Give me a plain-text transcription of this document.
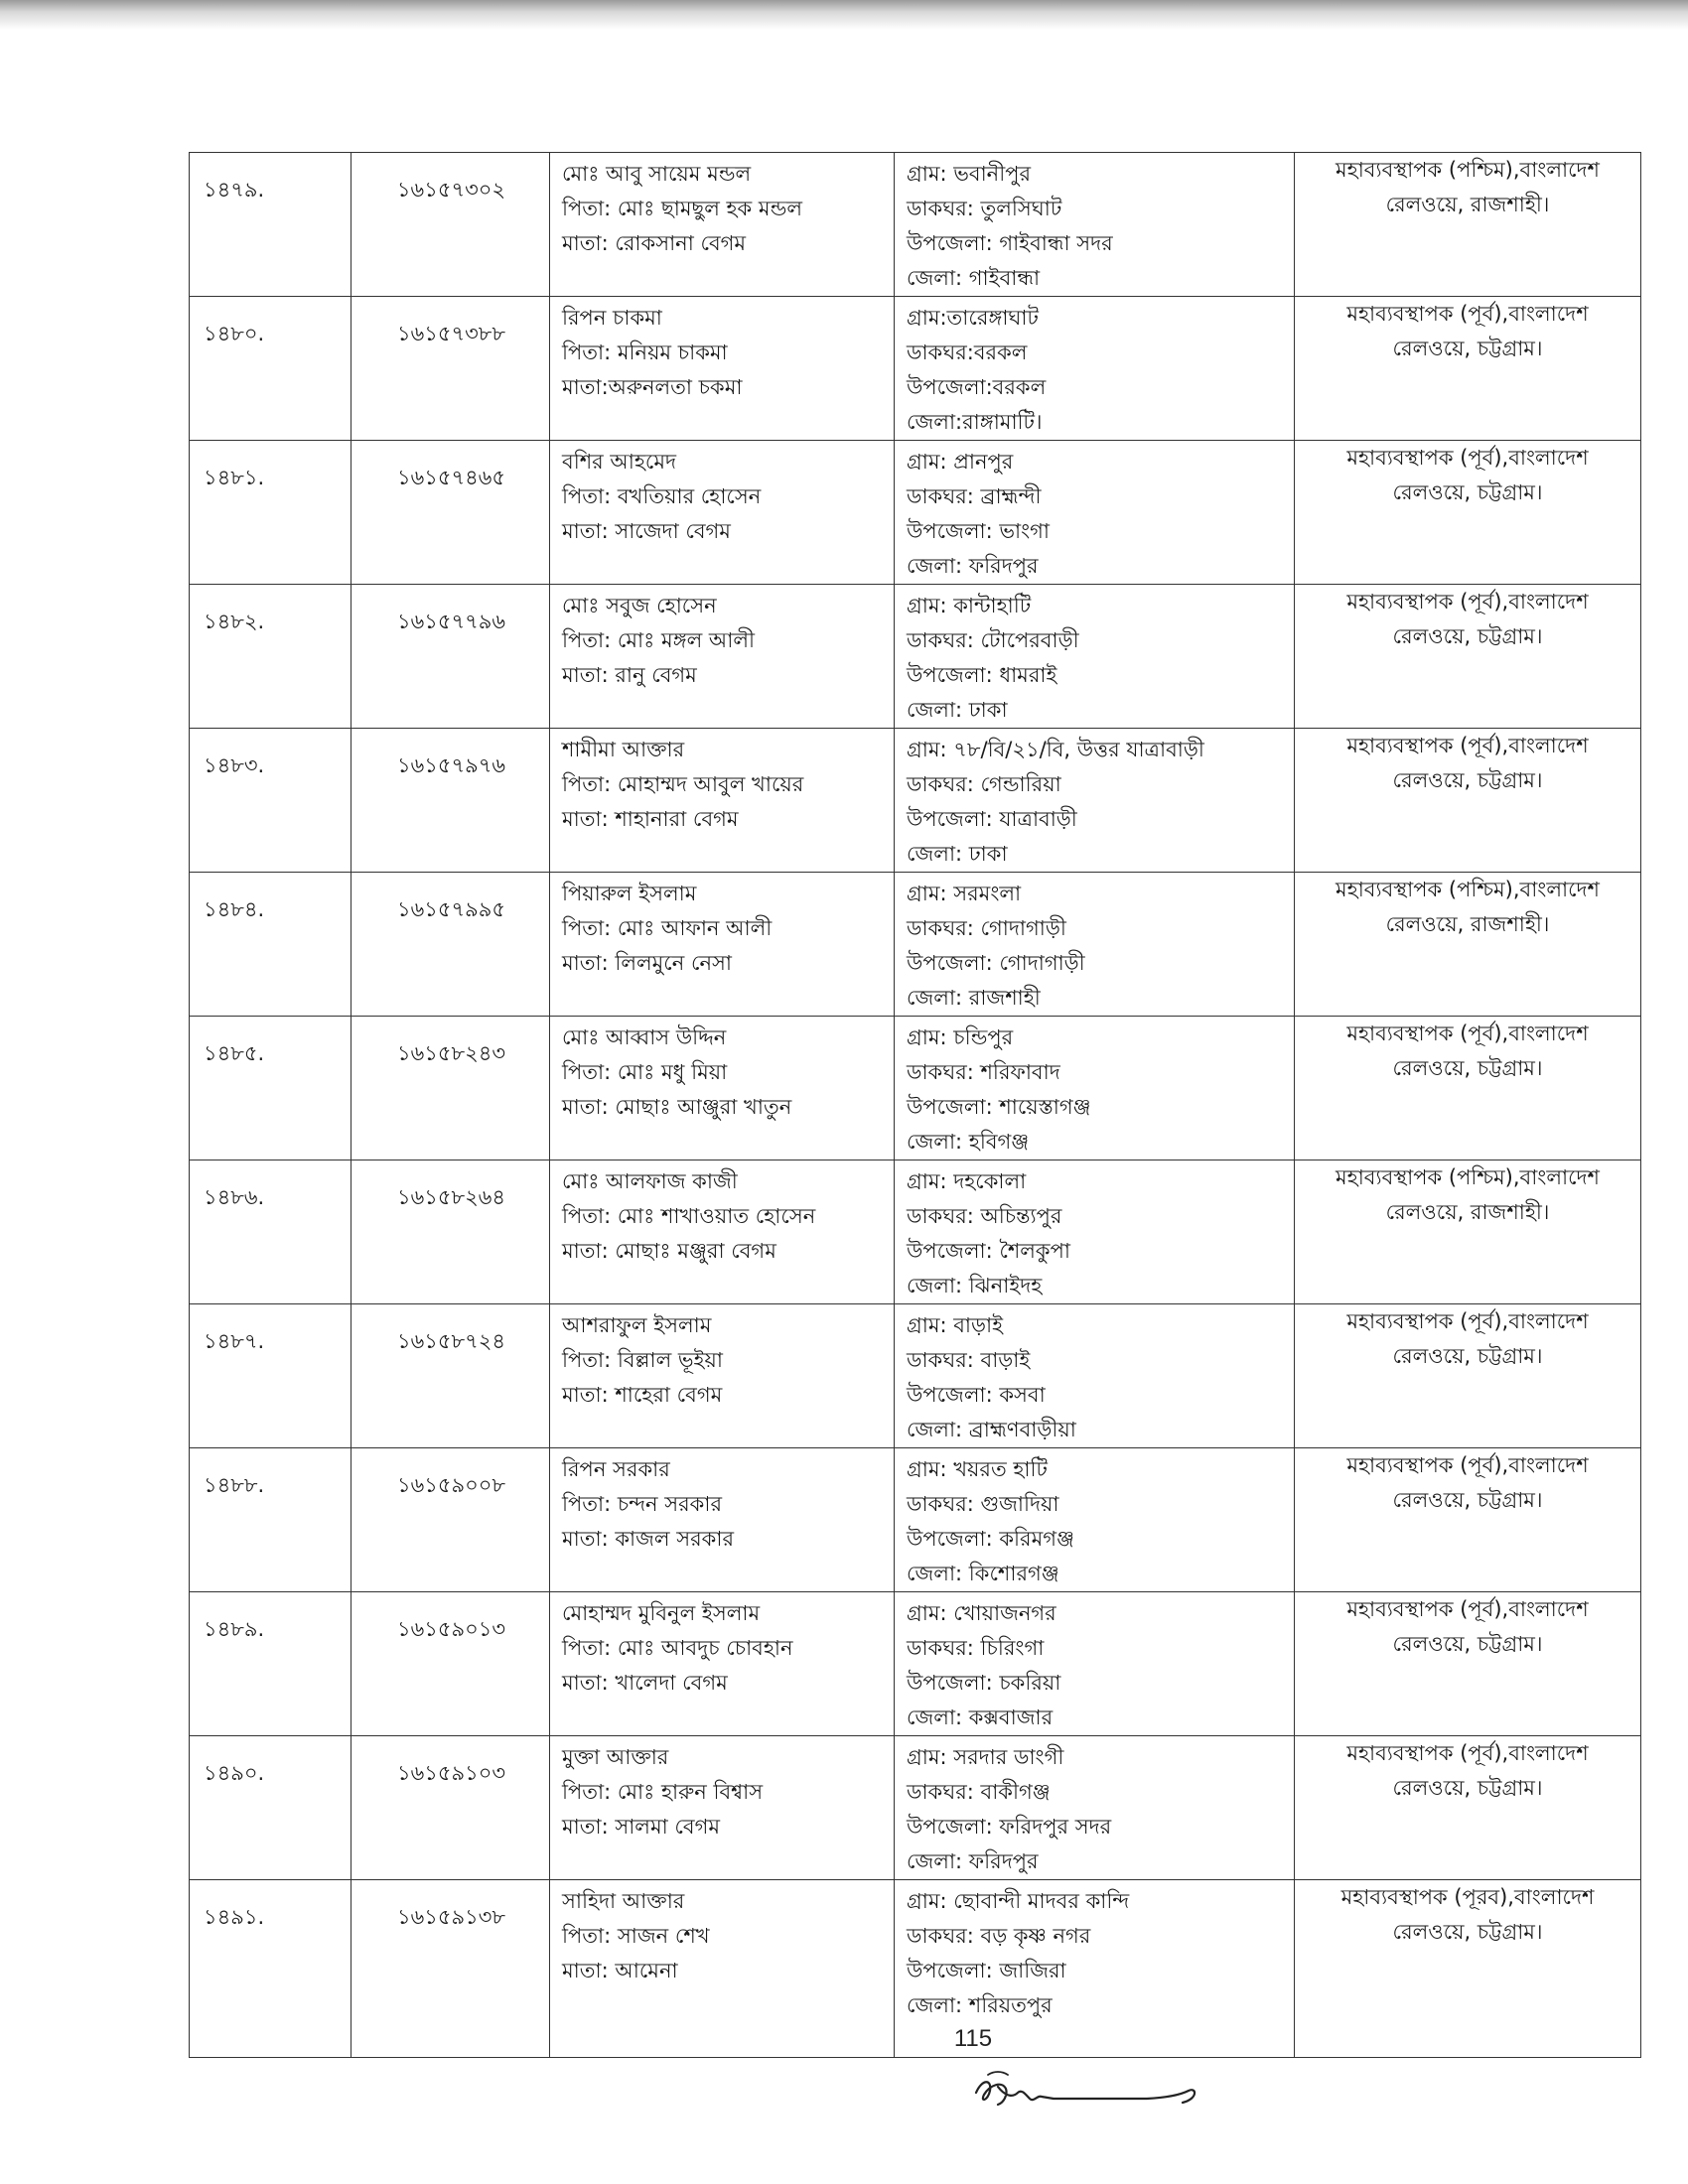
১৪৭৯.	১৬১৫৭৩০২	মোঃ আবু সায়েম মন্ডল
পিতা: মোঃ ছামছুল হক মন্ডল
মাতা: রোকসানা বেগম	গ্রাম: ভবানীপুর
ডাকঘর: তুলসিঘাট
উপজেলা: গাইবান্ধা সদর
জেলা: গাইবান্ধা	মহাব্যবস্থাপক (পশ্চিম),বাংলাদেশ
রেলওয়ে, রাজশাহী।

১৪৮০.	১৬১৫৭৩৮৮	রিপন চাকমা
পিতা: মনিয়ম চাকমা
মাতা:অরুনলতা চকমা	গ্রাম:তারেঙ্গাঘাট
ডাকঘর:বরকল
উপজেলা:বরকল
জেলা:রাঙ্গামাটি।	মহাব্যবস্থাপক (পূর্ব),বাংলাদেশ
রেলওয়ে, চট্টগ্রাম।

১৪৮১.	১৬১৫৭৪৬৫	বশির আহমেদ
পিতা: বখতিয়ার হোসেন
মাতা: সাজেদা বেগম	গ্রাম: প্রানপুর
ডাকঘর: ব্রাহ্মন্দী
উপজেলা: ভাংগা
জেলা: ফরিদপুর	মহাব্যবস্থাপক (পূর্ব),বাংলাদেশ
রেলওয়ে, চট্টগ্রাম।

১৪৮২.	১৬১৫৭৭৯৬	মোঃ সবুজ হোসেন
পিতা: মোঃ মঙ্গল আলী
মাতা: রানু বেগম	গ্রাম: কান্টাহাটি
ডাকঘর: টোপেরবাড়ী
উপজেলা: ধামরাই
জেলা: ঢাকা	মহাব্যবস্থাপক (পূর্ব),বাংলাদেশ
রেলওয়ে, চট্টগ্রাম।

১৪৮৩.	১৬১৫৭৯৭৬	শামীমা আক্তার
পিতা: মোহাম্মদ আবুল খায়ের
মাতা: শাহানারা বেগম	গ্রাম: ৭৮/বি/২১/বি, উত্তর যাত্রাবাড়ী
ডাকঘর: গেন্ডারিয়া
উপজেলা: যাত্রাবাড়ী
জেলা: ঢাকা	মহাব্যবস্থাপক (পূর্ব),বাংলাদেশ
রেলওয়ে, চট্টগ্রাম।

১৪৮৪.	১৬১৫৭৯৯৫	পিয়ারুল ইসলাম
পিতা: মোঃ আফান আলী
মাতা: লিলমুনে নেসা	গ্রাম: সরমংলা
ডাকঘর: গোদাগাড়ী
উপজেলা: গোদাগাড়ী
জেলা: রাজশাহী	মহাব্যবস্থাপক (পশ্চিম),বাংলাদেশ
রেলওয়ে, রাজশাহী।

১৪৮৫.	১৬১৫৮২৪৩	মোঃ আব্বাস উদ্দিন
পিতা: মোঃ মধু মিয়া
মাতা: মোছাঃ আঞ্জুরা খাতুন	গ্রাম: চন্ডিপুর
ডাকঘর: শরিফাবাদ
উপজেলা: শায়েস্তাগঞ্জ
জেলা: হবিগঞ্জ	মহাব্যবস্থাপক (পূর্ব),বাংলাদেশ
রেলওয়ে, চট্টগ্রাম।

১৪৮৬.	১৬১৫৮২৬৪	মোঃ আলফাজ কাজী
পিতা: মোঃ শাখাওয়াত হোসেন
মাতা: মোছাঃ মঞ্জুরা বেগম	গ্রাম: দহকোলা
ডাকঘর: অচিন্ত্যপুর
উপজেলা: শৈলকুপা
জেলা: ঝিনাইদহ	মহাব্যবস্থাপক (পশ্চিম),বাংলাদেশ
রেলওয়ে, রাজশাহী।

১৪৮৭.	১৬১৫৮৭২৪	আশরাফুল ইসলাম
পিতা: বিল্লাল ভূইয়া
মাতা: শাহেরা বেগম	গ্রাম: বাড়াই
ডাকঘর: বাড়াই
উপজেলা: কসবা
জেলা: ব্রাহ্মণবাড়ীয়া	মহাব্যবস্থাপক (পূর্ব),বাংলাদেশ
রেলওয়ে, চট্টগ্রাম।

১৪৮৮.	১৬১৫৯০০৮	রিপন সরকার
পিতা: চন্দন সরকার
মাতা: কাজল সরকার	গ্রাম: খয়রত হাটি
ডাকঘর: গুজাদিয়া
উপজেলা: করিমগঞ্জ
জেলা: কিশোরগঞ্জ	মহাব্যবস্থাপক (পূর্ব),বাংলাদেশ
রেলওয়ে, চট্টগ্রাম।

১৪৮৯.	১৬১৫৯০১৩	মোহাম্মদ মুবিনুল ইসলাম
পিতা: মোঃ আবদুচ চোবহান
মাতা: খালেদা বেগম	গ্রাম: খোয়াজনগর
ডাকঘর: চিরিংগা
উপজেলা: চকরিয়া
জেলা: কক্সবাজার	মহাব্যবস্থাপক (পূর্ব),বাংলাদেশ
রেলওয়ে, চট্টগ্রাম।

১৪৯০.	১৬১৫৯১০৩	মুক্তা আক্তার
পিতা: মোঃ হারুন বিশ্বাস
মাতা: সালমা বেগম	গ্রাম: সরদার ডাংগী
ডাকঘর: বাকীগঞ্জ
উপজেলা: ফরিদপুর সদর
জেলা: ফরিদপুর	মহাব্যবস্থাপক (পূর্ব),বাংলাদেশ
রেলওয়ে, চট্টগ্রাম।

১৪৯১.	১৬১৫৯১৩৮	সাহিদা আক্তার
পিতা: সাজন শেখ
মাতা: আমেনা	গ্রাম: ছোবান্দী মাদবর কান্দি
ডাকঘর: বড় কৃষ্ণ নগর
উপজেলা: জাজিরা
জেলা: শরিয়তপুর	মহাব্যবস্থাপক (পূরব),বাংলাদেশ
রেলওয়ে, চট্টগ্রাম।
115
